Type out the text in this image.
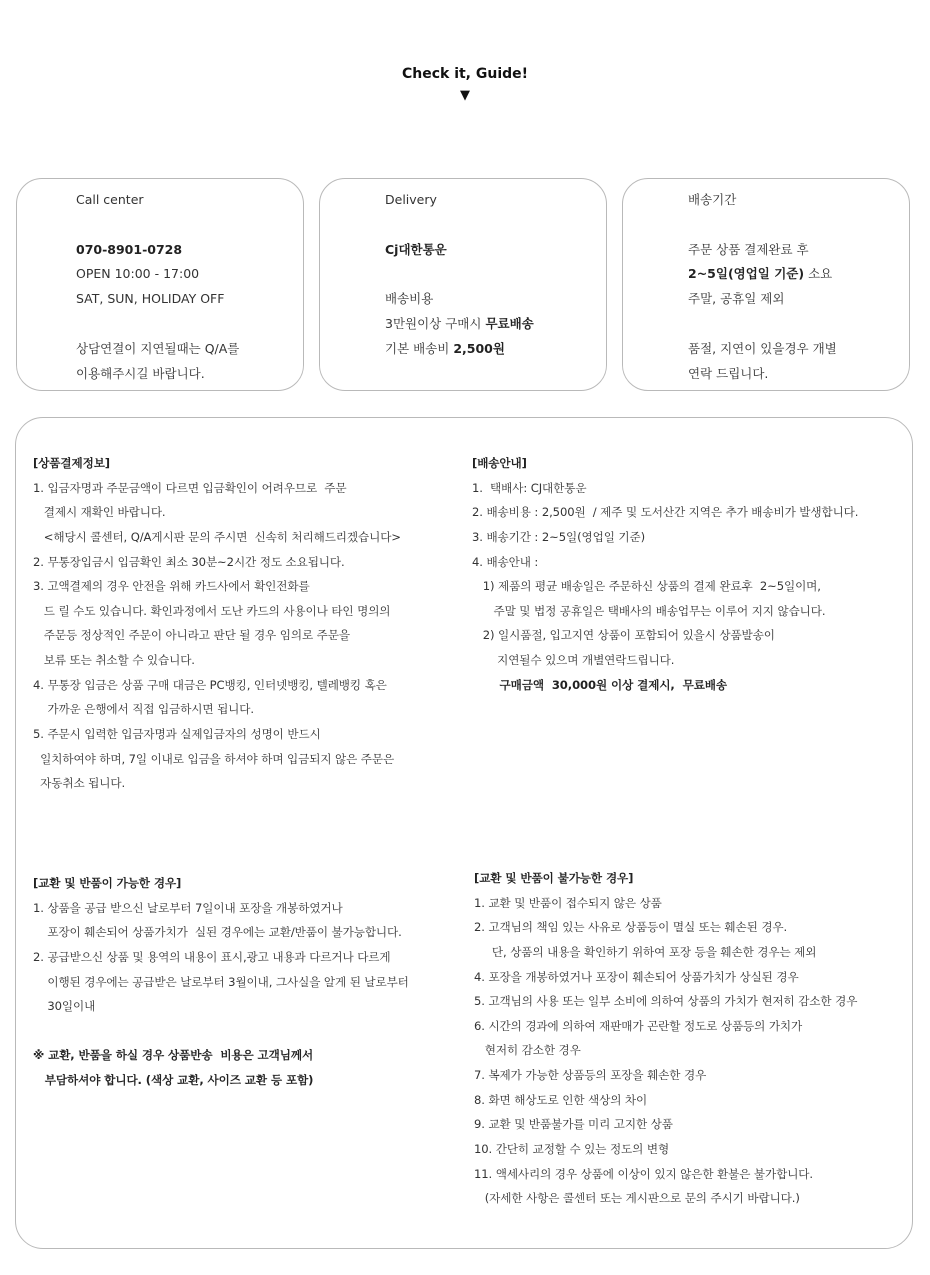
Check it, Guide!
▼
Call center
070-8901-0728
OPEN 10:00 - 17:00
SAT, SUN, HOLIDAY OFF
상담연결이 지연될때는 Q/A를
이용해주시길 바랍니다.
Delivery
Cj대한통운
배송비용
3만원이상 구매시 무료배송
기본 배송비 2,500원
배송기간
주문 상품 결제완료 후
2~5일(영업일 기준) 소요
주말, 공휴일 제외
품절, 지연이 있을경우 개별
연락 드립니다.
[상품결제정보]
1. 입금자명과 주문금액이 다르면 입금확인이 어려우므로  주문
결제시 재확인 바랍니다.
<해당시 콜센터, Q/A게시판 문의 주시면  신속히 처리해드리겠습니다>
2. 무통장입금시 입금확인 최소 30분~2시간 정도 소요됩니다.
3. 고액결제의 경우 안전을 위해 카드사에서 확인전화를
드 릴 수도 있습니다. 확인과정에서 도난 카드의 사용이나 타인 명의의
주문등 정상적인 주문이 아니라고 판단 될 경우 임의로 주문을
보류 또는 취소할 수 있습니다.
4. 무통장 입금은 상품 구매 대금은 PC뱅킹, 인터넷뱅킹, 텔레뱅킹 혹은
가까운 은행에서 직접 입금하시면 됩니다.
5. 주문시 입력한 입금자명과 실제입금자의 성명이 반드시
일치하여야 하며, 7일 이내로 입금을 하셔야 하며 입금되지 않은 주문은
자동취소 됩니다.
[배송안내]
1.  택배사: CJ대한통운
2. 배송비용 : 2,500원  / 제주 및 도서산간 지역은 추가 배송비가 발생합니다.
3. 배송기간 : 2~5일(영업일 기준)
4. 배송안내 :
1) 제품의 평균 배송일은 주문하신 상품의 결제 완료후  2~5일이며,
주말 및 법정 공휴일은 택배사의 배송업무는 이루어 지지 않습니다.
2) 일시품절, 입고지연 상품이 포함되어 있을시 상품발송이
지연될수 있으며 개별연락드립니다.
구매금액  30,000원 이상 결제시,  무료배송
[교환 및 반품이 가능한 경우]
1. 상품을 공급 받으신 날로부터 7일이내 포장을 개봉하였거나
포장이 훼손되어 상품가치가  실된 경우에는 교환/반품이 불가능합니다.
2. 공급받으신 상품 및 용역의 내용이 표시,광고 내용과 다르거나 다르게
이행된 경우에는 공급받은 날로부터 3월이내, 그사실을 알게 된 날로부터
30일이내
※ 교환, 반품을 하실 경우 상품반송  비용은 고객님께서
부담하셔야 합니다. (색상 교환, 사이즈 교환 등 포함)
[교환 및 반품이 불가능한 경우]
1. 교환 및 반품이 접수되지 않은 상품
2. 고객님의 책임 있는 사유로 상품등이 멸실 또는 훼손된 경우.
단, 상품의 내용을 확인하기 위하여 포장 등을 훼손한 경우는 제외
4. 포장을 개봉하였거나 포장이 훼손되어 상품가치가 상실된 경우
5. 고객님의 사용 또는 일부 소비에 의하여 상품의 가치가 현저히 감소한 경우
6. 시간의 경과에 의하여 재판매가 곤란할 정도로 상품등의 가치가
현저히 감소한 경우
7. 복제가 가능한 상품등의 포장을 훼손한 경우
8. 화면 해상도로 인한 색상의 차이
9. 교환 및 반품불가를 미리 고지한 상품
10. 간단히 교정할 수 있는 정도의 변형
11. 액세사리의 경우 상품에 이상이 있지 않은한 환불은 불가합니다.
(자세한 사항은 콜센터 또는 게시판으로 문의 주시기 바랍니다.)
